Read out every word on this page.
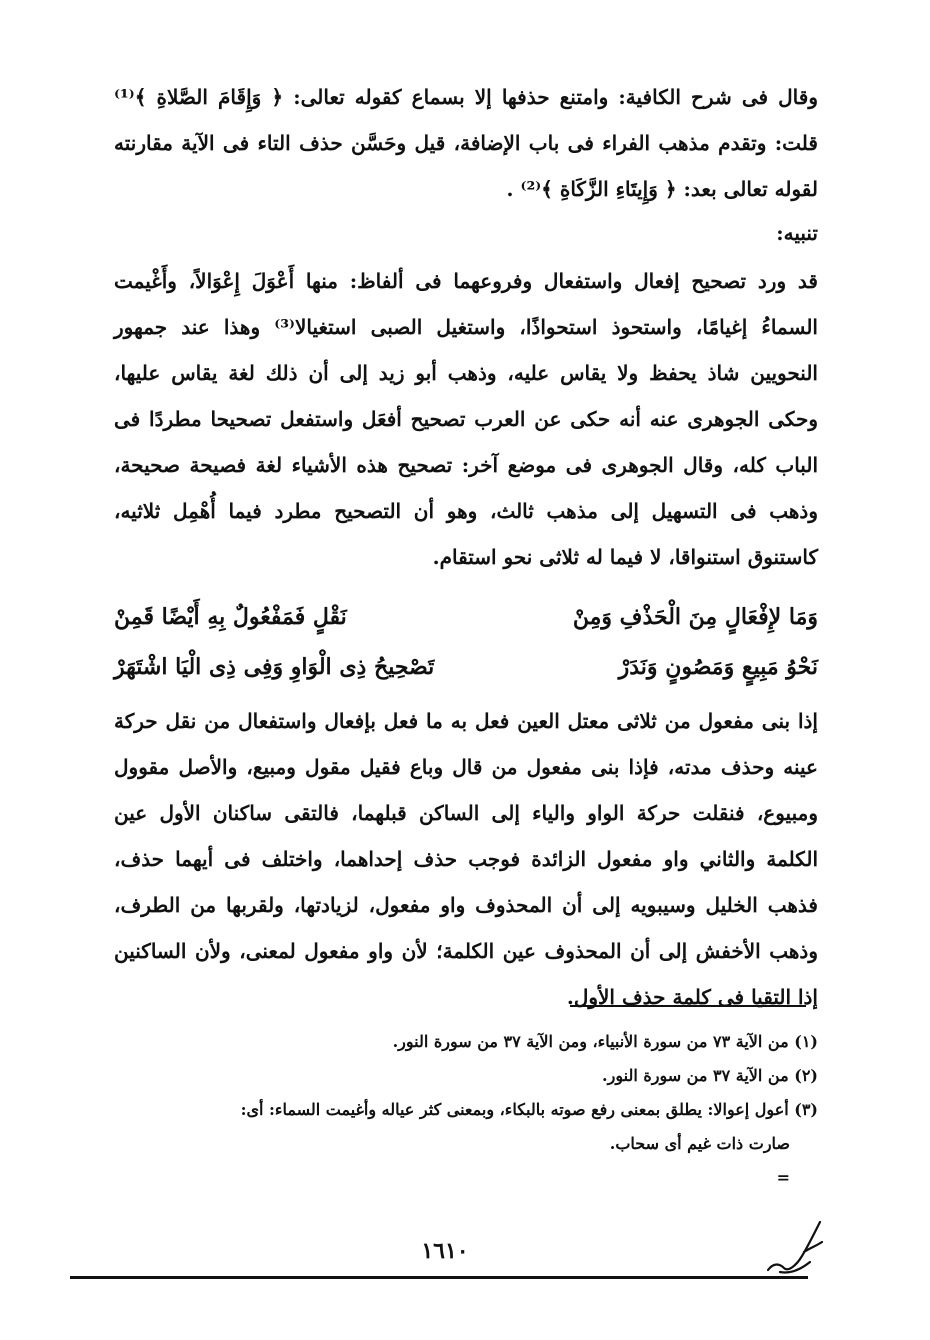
وقال فى شرح الكافية: وامتنع حذفها إلا بسماع كقوله تعالى: ﴿ وَإِقَامَ الصَّلاةِ ﴾⁽¹⁾ قلت: وتقدم مذهب الفراء فى باب الإضافة، قيل وحَسَّن حذف التاء فى الآية مقارنته لقوله تعالى بعد: ﴿ وَإِيتَاءِ الزَّكَاةِ ﴾⁽²⁾ .
تنبيه:
قد ورد تصحيح إفعال واستفعال وفروعهما فى ألفاظ: منها أَعْوَلَ إِعْوَالاً، وأَغْيمت السماءُ إغيامًا، واستحوذ استحواذًا، واستغيل الصبى استغيالا⁽³⁾ وهذا عند جمهور النحويين شاذ يحفظ ولا يقاس عليه، وذهب أبو زيد إلى أن ذلك لغة يقاس عليها، وحكى الجوهرى عنه أنه حكى عن العرب تصحيح أفعَل واستفعل تصحيحا مطردًا فى الباب كله، وقال الجوهرى فى موضع آخر: تصحيح هذه الأشياء لغة فصيحة صحيحة، وذهب فى التسهيل إلى مذهب ثالث، وهو أن التصحيح مطرد فيما أُهْمِل ثلاثيه، كاستنوق استنواقا، لا فيما له ثلاثى نحو استقام.
وَمَا لإِفْعَالٍ مِنَ الْحَذْفِ وَمِنْ
نَقْلٍ فَمَفْعُولٌ بِهِ أَيْضًا قَمِنْ
نَحْوُ مَبِيعٍ وَمَصُونٍ وَنَدَرْ
تَصْحِيحُ ذِى الْوَاوِ وَفِى ذِى الْيَا اشْتَهَرْ
إذا بنى مفعول من ثلاثى معتل العين فعل به ما فعل بإفعال واستفعال من نقل حركة عينه وحذف مدته، فإذا بنى مفعول من قال وباع فقيل مقول ومبيع، والأصل مقوول ومبيوع، فنقلت حركة الواو والياء إلى الساكن قبلهما، فالتقى ساكنان الأول عين الكلمة والثاني واو مفعول الزائدة فوجب حذف إحداهما، واختلف فى أيهما حذف، فذهب الخليل وسيبويه إلى أن المحذوف واو مفعول، لزيادتها، ولقربها من الطرف، وذهب الأخفش إلى أن المحذوف عين الكلمة؛ لأن واو مفعول لمعنى، ولأن الساكنين إذا التقيا فى كلمة حذف الأول.
(١) من الآية ٧٣ من سورة الأنبياء، ومن الآية ٣٧ من سورة النور.
(٢) من الآية ٣٧ من سورة النور.
(٣) أعول إعوالا: يطلق بمعنى رفع صوته بالبكاء، وبمعنى كثر عياله وأغيمت السماء: أى:
صارت ذات غيم أى سحاب.
=
١٦١٠
